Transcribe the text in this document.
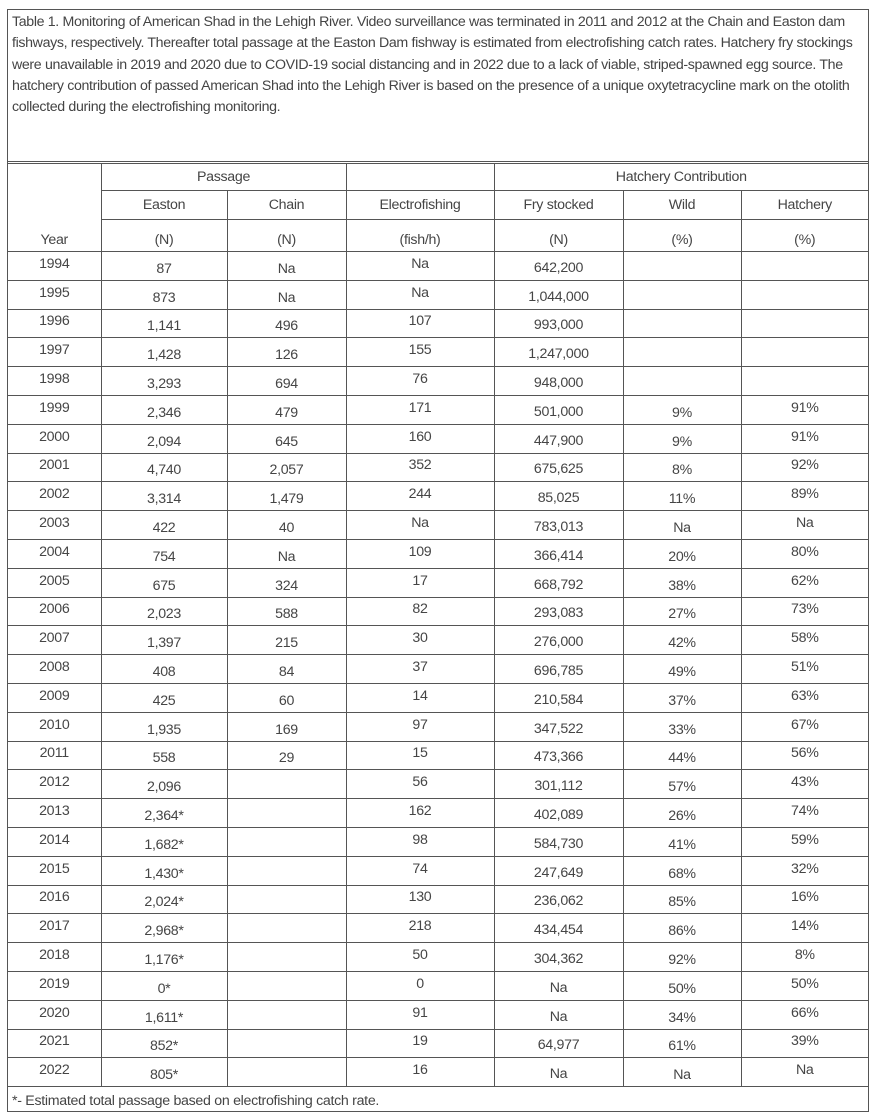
Table 1. Monitoring of American Shad in the Lehigh River. Video surveillance was terminated in 2011 and 2012 at the Chain and Easton dam fishways, respectively. Thereafter total passage at the Easton Dam fishway is estimated from electrofishing catch rates. Hatchery fry stockings were unavailable in 2019 and 2020 due to COVID-19 social distancing and in 2022 due to a lack of viable, striped-spawned egg source. The hatchery contribution of passed American Shad into the Lehigh River is based on the presence of a unique oxytetracycline mark on the otolith collected during the electrofishing monitoring.
Year	Passage			Hatchery Contribution		
	Easton	Chain	Electrofishing	Fry stocked	Wild	Hatchery
	(N)	(N)	(fish/h)	(N)	(%)	(%)
1994	87	Na	Na	642,200		
1995	873	Na	Na	1,044,000		
1996	1,141	496	107	993,000		
1997	1,428	126	155	1,247,000		
1998	3,293	694	76	948,000		
1999	2,346	479	171	501,000	9%	91%
2000	2,094	645	160	447,900	9%	91%
2001	4,740	2,057	352	675,625	8%	92%
2002	3,314	1,479	244	85,025	11%	89%
2003	422	40	Na	783,013	Na	Na
2004	754	Na	109	366,414	20%	80%
2005	675	324	17	668,792	38%	62%
2006	2,023	588	82	293,083	27%	73%
2007	1,397	215	30	276,000	42%	58%
2008	408	84	37	696,785	49%	51%
2009	425	60	14	210,584	37%	63%
2010	1,935	169	97	347,522	33%	67%
2011	558	29	15	473,366	44%	56%
2012	2,096		56	301,112	57%	43%
2013	2,364*		162	402,089	26%	74%
2014	1,682*		98	584,730	41%	59%
2015	1,430*		74	247,649	68%	32%
2016	2,024*		130	236,062	85%	16%
2017	2,968*		218	434,454	86%	14%
2018	1,176*		50	304,362	92%	8%
2019	0*		0	Na	50%	50%
2020	1,611*		91	Na	34%	66%
2021	852*		19	64,977	61%	39%
2022	805*		16	Na	Na	Na
*- Estimated total passage based on electrofishing catch rate.						
